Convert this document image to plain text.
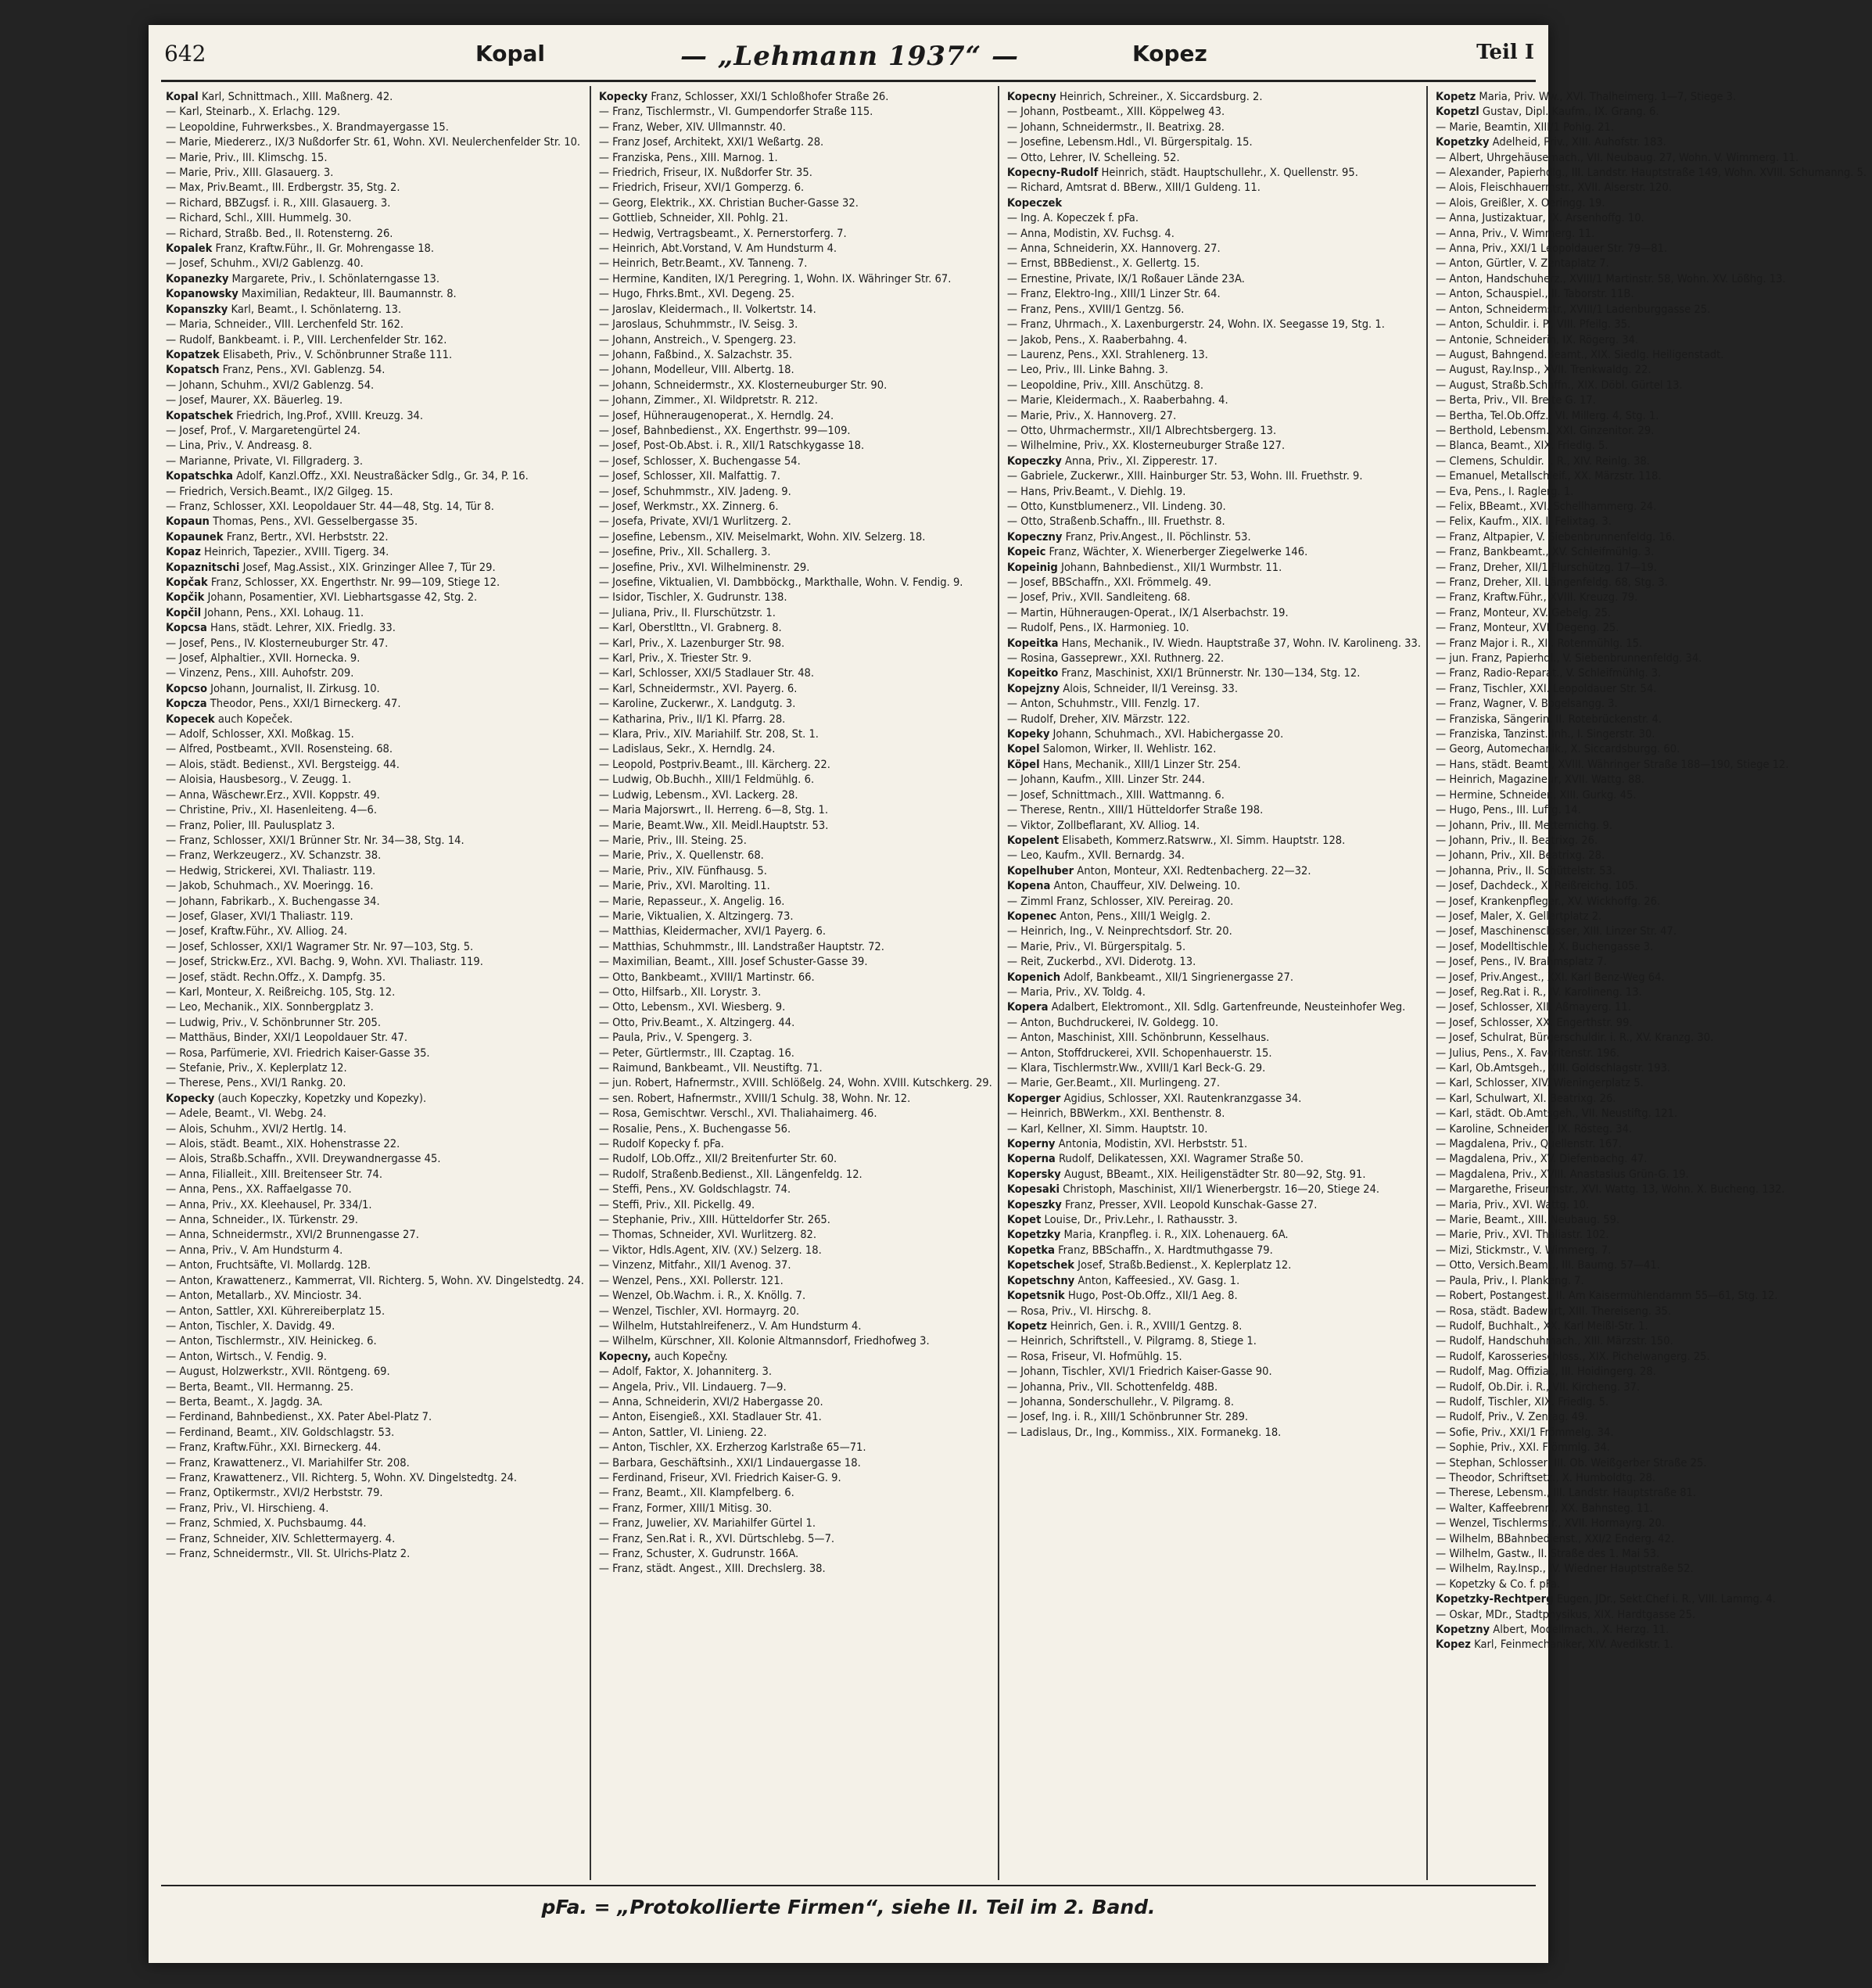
642	Kopal	— „Lehmann 1937“ —	Kopez	Teil I
Kopal Karl, Schnittmach., XIII. Maßnerg. 42.
— Karl, Steinarb., X. Erlachg. 129.
— Leopoldine, Fuhrwerksbes., X. Brandmayergasse 15.
— Marie, Miedererz., IX/3 Nußdorfer Str. 61, Wohn. XVI. Neulerchenfelder Str. 10.
— Marie, Priv., III. Klimschg. 15.
— Marie, Priv., XIII. Glasauerg. 3.
— Max, Priv.Beamt., III. Erdbergstr. 35, Stg. 2.
— Richard, BBZugsf. i. R., XIII. Glasauerg. 3.
— Richard, Schl., XIII. Hummelg. 30.
— Richard, Straßb. Bed., II. Rotensterng. 26.
Kopalek Franz, Kraftw.Führ., II. Gr. Mohrengasse 18.
— Josef, Schuhm., XVI/2 Gablenzg. 40.
Kopanezky Margarete, Priv., I. Schönlaterngasse 13.
Kopanowsky Maximilian, Redakteur, III. Baumannstr. 8.
Kopanszky Karl, Beamt., I. Schönlaterng. 13.
— Maria, Schneider., VIII. Lerchenfeld Str. 162.
— Rudolf, Bankbeamt. i. P., VIII. Lerchenfelder Str. 162.
Kopatzek Elisabeth, Priv., V. Schönbrunner Straße 111.
Kopatsch Franz, Pens., XVI. Gablenzg. 54.
— Johann, Schuhm., XVI/2 Gablenzg. 54.
— Josef, Maurer, XX. Bäuerleg. 19.
Kopatschek Friedrich, Ing.Prof., XVIII. Kreuzg. 34.
— Josef, Prof., V. Margaretengürtel 24.
— Lina, Priv., V. Andreasg. 8.
— Marianne, Private, VI. Fillgraderg. 3.
Kopatschka Adolf, Kanzl.Offz., XXI. Neustraßäcker Sdlg., Gr. 34, P. 16.
— Friedrich, Versich.Beamt., IX/2 Gilgeg. 15.
— Franz, Schlosser, XXI. Leopoldauer Str. 44—48, Stg. 14, Tür 8.
Kopaun Thomas, Pens., XVI. Gesselbergasse 35.
Kopaunek Franz, Bertr., XVI. Herbststr. 22.
Kopaz Heinrich, Tapezier., XVIII. Tigerg. 34.
Kopaznitschi Josef, Mag.Assist., XIX. Grinzinger Allee 7, Tür 29.
Kopčak Franz, Schlosser, XX. Engerthstr. Nr. 99—109, Stiege 12.
Kopčik Johann, Posamentier, XVI. Liebhartsgasse 42, Stg. 2.
Kopčil Johann, Pens., XXI. Lohaug. 11.
Kopcsa Hans, städt. Lehrer, XIX. Friedlg. 33.
— Josef, Pens., IV. Klosterneuburger Str. 47.
— Josef, Alphaltier., XVII. Hornecka. 9.
— Vinzenz, Pens., XIII. Auhofstr. 209.
Kopcso Johann, Journalist, II. Zirkusg. 10.
Kopcza Theodor, Pens., XXI/1 Birneckerg. 47.
Kopecek auch Kopeček.
— Adolf, Schlosser, XXI. Moßkag. 15.
— Alfred, Postbeamt., XVII. Rosensteing. 68.
— Alois, städt. Bedienst., XVI. Bergsteigg. 44.
— Aloisia, Hausbesorg., V. Zeugg. 1.
— Anna, Wäschewr.Erz., XVII. Koppstr. 49.
— Christine, Priv., XI. Hasenleiteng. 4—6.
— Franz, Polier, III. Paulusplatz 3.
— Franz, Schlosser, XXI/1 Brünner Str. Nr. 34—38, Stg. 14.
— Franz, Werkzeugerz., XV. Schanzstr. 38.
— Hedwig, Strickerei, XVI. Thaliastr. 119.
— Jakob, Schuhmach., XV. Moeringg. 16.
— Johann, Fabrikarb., X. Buchengasse 34.
— Josef, Glaser, XVI/1 Thaliastr. 119.
— Josef, Kraftw.Führ., XV. Alliog. 24.
— Josef, Schlosser, XXI/1 Wagramer Str. Nr. 97—103, Stg. 5.
— Josef, Strickw.Erz., XVI. Bachg. 9, Wohn. XVI. Thaliastr. 119.
— Josef, städt. Rechn.Offz., X. Dampfg. 35.
— Karl, Monteur, X. Reißreichg. 105, Stg. 12.
— Leo, Mechanik., XIX. Sonnbergplatz 3.
— Ludwig, Priv., V. Schönbrunner Str. 205.
— Matthäus, Binder, XXI/1 Leopoldauer Str. 47.
— Rosa, Parfümerie, XVI. Friedrich Kaiser-Gasse 35.
— Stefanie, Priv., X. Keplerplatz 12.
— Therese, Pens., XVI/1 Rankg. 20.
Kopecky (auch Kopeczky, Kopetzky und Kopezky).
— Adele, Beamt., VI. Webg. 24.
— Alois, Schuhm., XVI/2 Hertlg. 14.
— Alois, städt. Beamt., XIX. Hohenstrasse 22.
— Alois, Straßb.Schaffn., XVII. Dreywandnergasse 45.
— Anna, Filialleit., XIII. Breitenseer Str. 74.
— Anna, Pens., XX. Raffaelgasse 70.
— Anna, Priv., XX. Kleehausel, Pr. 334/1.
— Anna, Schneider., IX. Türkenstr. 29.
— Anna, Schneidermstr., XVI/2 Brunnengasse 27.
— Anna, Priv., V. Am Hundsturm 4.
— Anton, Fruchtsäfte, VI. Mollardg. 12B.
— Anton, Krawattenerz., Kammerrat, VII. Richterg. 5, Wohn. XV. Dingelstedtg. 24.
— Anton, Metallarb., XV. Minciostr. 34.
— Anton, Sattler, XXI. Kührereiberplatz 15.
— Anton, Tischler, X. Davidg. 49.
— Anton, Tischlermstr., XIV. Heinickeg. 6.
— Anton, Wirtsch., V. Fendig. 9.
— August, Holzwerkstr., XVII. Röntgeng. 69.
— Berta, Beamt., VII. Hermanng. 25.
— Berta, Beamt., X. Jagdg. 3A.
— Ferdinand, Bahnbedienst., XX. Pater Abel-Platz 7.
— Ferdinand, Beamt., XIV. Goldschlagstr. 53.
— Franz, Kraftw.Führ., XXI. Birneckerg. 44.
— Franz, Krawattenerz., VI. Mariahilfer Str. 208.
— Franz, Krawattenerz., VII. Richterg. 5, Wohn. XV. Dingelstedtg. 24.
— Franz, Optikermstr., XVI/2 Herbststr. 79.
— Franz, Priv., VI. Hirschieng. 4.
— Franz, Schmied, X. Puchsbaumg. 44.
— Franz, Schneider, XIV. Schlettermayerg. 4.
— Franz, Schneidermstr., VII. St. Ulrichs-Platz 2.
Kopecky Franz, Schlosser, XXI/1 Schloßhofer Straße 26.
— Franz, Tischlermstr., VI. Gumpendorfer Straße 115.
— Franz, Weber, XIV. Ullmannstr. 40.
— Franz Josef, Architekt, XXI/1 Weßartg. 28.
— Franziska, Pens., XIII. Marnog. 1.
— Friedrich, Friseur, IX. Nußdorfer Str. 35.
— Friedrich, Friseur, XVI/1 Gomperzg. 6.
— Georg, Elektrik., XX. Christian Bucher-Gasse 32.
— Gottlieb, Schneider, XII. Pohlg. 21.
— Hedwig, Vertragsbeamt., X. Pernerstorferg. 7.
— Heinrich, Abt.Vorstand, V. Am Hundsturm 4.
— Heinrich, Betr.Beamt., XV. Tanneng. 7.
— Hermine, Kanditen, IX/1 Peregring. 1, Wohn. IX. Währinger Str. 67.
— Hugo, Fhrks.Bmt., XVI. Degeng. 25.
— Jaroslav, Kleidermach., II. Volkertstr. 14.
— Jaroslaus, Schuhmmstr., IV. Seisg. 3.
— Johann, Anstreich., V. Spengerg. 23.
— Johann, Faßbind., X. Salzachstr. 35.
— Johann, Modelleur, VIII. Albertg. 18.
— Johann, Schneidermstr., XX. Klosterneuburger Str. 90.
— Johann, Zimmer., XI. Wildpretstr. R. 212.
— Josef, Hühneraugenoperat., X. Herndlg. 24.
— Josef, Bahnbedienst., XX. Engerthstr. 99—109.
— Josef, Post-Ob.Abst. i. R., XII/1 Ratschkygasse 18.
— Josef, Schlosser, X. Buchengasse 54.
— Josef, Schlosser, XII. Malfattig. 7.
— Josef, Schuhmmstr., XIV. Jadeng. 9.
— Josef, Werkmstr., XX. Zinnerg. 6.
— Josefa, Private, XVI/1 Wurlitzerg. 2.
— Josefine, Lebensm., XIV. Meiselmarkt, Wohn. XIV. Selzerg. 18.
— Josefine, Priv., XII. Schallerg. 3.
— Josefine, Priv., XVI. Wilhelminenstr. 29.
— Josefine, Viktualien, VI. Dambböckg., Markthalle, Wohn. V. Fendig. 9.
— Isidor, Tischler, X. Gudrunstr. 138.
— Juliana, Priv., II. Flurschützstr. 1.
— Karl, Oberstlttn., VI. Grabnerg. 8.
— Karl, Priv., X. Lazenburger Str. 98.
— Karl, Priv., X. Triester Str. 9.
— Karl, Schlosser, XXI/5 Stadlauer Str. 48.
— Karl, Schneidermstr., XVI. Payerg. 6.
— Karoline, Zuckerwr., X. Landgutg. 3.
— Katharina, Priv., II/1 Kl. Pfarrg. 28.
— Klara, Priv., XIV. Mariahilf. Str. 208, St. 1.
— Ladislaus, Sekr., X. Herndlg. 24.
— Leopold, Postpriv.Beamt., III. Kärcherg. 22.
— Ludwig, Ob.Buchh., XIII/1 Feldmühlg. 6.
— Ludwig, Lebensm., XVI. Lackerg. 28.
— Maria Majorswrt., II. Herreng. 6—8, Stg. 1.
— Marie, Beamt.Ww., XII. Meidl.Hauptstr. 53.
— Marie, Priv., III. Steing. 25.
— Marie, Priv., X. Quellenstr. 68.
— Marie, Priv., XIV. Fünfhausg. 5.
— Marie, Priv., XVI. Marolting. 11.
— Marie, Repasseur., X. Angelig. 16.
— Marie, Viktualien, X. Altzingerg. 73.
— Matthias, Kleidermacher, XVI/1 Payerg. 6.
— Matthias, Schuhmmstr., III. Landstraßer Hauptstr. 72.
— Maximilian, Beamt., XIII. Josef Schuster-Gasse 39.
— Otto, Bankbeamt., XVIII/1 Martinstr. 66.
— Otto, Hilfsarb., XII. Lorystr. 3.
— Otto, Lebensm., XVI. Wiesberg. 9.
— Otto, Priv.Beamt., X. Altzingerg. 44.
— Paula, Priv., V. Spengerg. 3.
— Peter, Gürtlermstr., III. Czaptag. 16.
— Raimund, Bankbeamt., VII. Neustiftg. 71.
— jun. Robert, Hafnermstr., XVIII. Schlößelg. 24, Wohn. XVIII. Kutschkerg. 29.
— sen. Robert, Hafnermstr., XVIII/1 Schulg. 38, Wohn. Nr. 12.
— Rosa, Gemischtwr. Verschl., XVI. Thaliahaimerg. 46.
— Rosalie, Pens., X. Buchengasse 56.
— Rudolf Kopecky f. pFa.
— Rudolf, LOb.Offz., XII/2 Breitenfurter Str. 60.
— Rudolf, Straßenb.Bedienst., XII. Längenfeldg. 12.
— Steffi, Pens., XV. Goldschlagstr. 74.
— Steffi, Priv., XII. Pickellg. 49.
— Stephanie, Priv., XIII. Hütteldorfer Str. 265.
— Thomas, Schneider, XVI. Wurlitzerg. 82.
— Viktor, Hdls.Agent, XIV. (XV.) Selzerg. 18.
— Vinzenz, Mitfahr., XII/1 Avenog. 37.
— Wenzel, Pens., XXI. Pollerstr. 121.
— Wenzel, Ob.Wachm. i. R., X. Knöllg. 7.
— Wenzel, Tischler, XVI. Hormayrg. 20.
— Wilhelm, Hutstahlreifenerz., V. Am Hundsturm 4.
— Wilhelm, Kürschner, XII. Kolonie Altmannsdorf, Friedhofweg 3.
Kopecny, auch Kopečny.
— Adolf, Faktor, X. Johanniterg. 3.
— Angela, Priv., VII. Lindauerg. 7—9.
— Anna, Schneiderin, XVI/2 Habergasse 20.
— Anton, Eisengieß., XXI. Stadlauer Str. 41.
— Anton, Sattler, VI. Linieng. 22.
— Anton, Tischler, XX. Erzherzog Karlstraße 65—71.
— Barbara, Geschäftsinh., XXI/1 Lindauergasse 18.
— Ferdinand, Friseur, XVI. Friedrich Kaiser-G. 9.
— Franz, Beamt., XII. Klampfelberg. 6.
— Franz, Former, XIII/1 Mitisg. 30.
— Franz, Juwelier, XV. Mariahilfer Gürtel 1.
— Franz, Sen.Rat i. R., XVI. Dürtschlebg. 5—7.
— Franz, Schuster, X. Gudrunstr. 166A.
— Franz, städt. Angest., XIII. Drechslerg. 38.
Kopecny Heinrich, Schreiner., X. Siccardsburg. 2.
— Johann, Postbeamt., XIII. Köppelweg 43.
— Johann, Schneidermstr., II. Beatrixg. 28.
— Josefine, Lebensm.Hdl., VI. Bürgerspitalg. 15.
— Otto, Lehrer, IV. Schelleing. 52.
Kopecny-Rudolf Heinrich, städt. Hauptschullehr., X. Quellenstr. 95.
— Richard, Amtsrat d. BBerw., XIII/1 Guldeng. 11.
Kopeczek
— Ing. A. Kopeczek f. pFa.
— Anna, Modistin, XV. Fuchsg. 4.
— Anna, Schneiderin, XX. Hannoverg. 27.
— Ernst, BBBedienst., X. Gellertg. 15.
— Ernestine, Private, IX/1 Roßauer Lände 23A.
— Franz, Elektro-Ing., XIII/1 Linzer Str. 64.
— Franz, Pens., XVIII/1 Gentzg. 56.
— Franz, Uhrmach., X. Laxenburgerstr. 24, Wohn. IX. Seegasse 19, Stg. 1.
— Jakob, Pens., X. Raaberbahng. 4.
— Laurenz, Pens., XXI. Strahlenerg. 13.
— Leo, Priv., III. Linke Bahng. 3.
— Leopoldine, Priv., XIII. Anschützg. 8.
— Marie, Kleidermach., X. Raaberbahng. 4.
— Marie, Priv., X. Hannoverg. 27.
— Otto, Uhrmachermstr., XII/1 Albrechtsbergerg. 13.
— Wilhelmine, Priv., XX. Klosterneuburger Straße 127.
Kopeczky Anna, Priv., XI. Zipperestr. 17.
— Gabriele, Zuckerwr., XIII. Hainburger Str. 53, Wohn. III. Fruethstr. 9.
— Hans, Priv.Beamt., V. Diehlg. 19.
— Otto, Kunstblumenerz., VII. Lindeng. 30.
— Otto, Straßenb.Schaffn., III. Fruethstr. 8.
Kopeczny Franz, Priv.Angest., II. Pöchlinstr. 53.
Kopeic Franz, Wächter, X. Wienerberger Ziegelwerke 146.
Kopeinig Johann, Bahnbedienst., XII/1 Wurmbstr. 11.
— Josef, BBSchaffn., XXI. Frömmelg. 49.
— Josef, Priv., XVII. Sandleiteng. 68.
— Martin, Hühneraugen-Operat., IX/1 Alserbachstr. 19.
— Rudolf, Pens., IX. Harmonieg. 10.
Kopeitka Hans, Mechanik., IV. Wiedn. Hauptstraße 37, Wohn. IV. Karolineng. 33.
— Rosina, Gasseprewr., XXI. Ruthnerg. 22.
Kopeitko Franz, Maschinist, XXI/1 Brünnerstr. Nr. 130—134, Stg. 12.
Kopejzny Alois, Schneider, II/1 Vereinsg. 33.
— Anton, Schuhmstr., VIII. Fenzlg. 17.
— Rudolf, Dreher, XIV. Märzstr. 122.
Kopeky Johann, Schuhmach., XVI. Habichergasse 20.
Kopel Salomon, Wirker, II. Wehlistr. 162.
Köpel Hans, Mechanik., XIII/1 Linzer Str. 254.
— Johann, Kaufm., XIII. Linzer Str. 244.
— Josef, Schnittmach., XIII. Wattmanng. 6.
— Therese, Rentn., XIII/1 Hütteldorfer Straße 198.
— Viktor, Zollbeflarant, XV. Alliog. 14.
Kopelent Elisabeth, Kommerz.Ratswrw., XI. Simm. Hauptstr. 128.
— Leo, Kaufm., XVII. Bernardg. 34.
Kopelhuber Anton, Monteur, XXI. Redtenbacherg. 22—32.
Kopena Anton, Chauffeur, XIV. Delweing. 10.
— Zimml Franz, Schlosser, XIV. Pereirag. 20.
Kopenec Anton, Pens., XIII/1 Weiglg. 2.
— Heinrich, Ing., V. Neinprechtsdorf. Str. 20.
— Marie, Priv., VI. Bürgerspitalg. 5.
— Reit, Zuckerbd., XVI. Diderotg. 13.
Kopenich Adolf, Bankbeamt., XII/1 Singrienergasse 27.
— Maria, Priv., XV. Toldg. 4.
Kopera Adalbert, Elektromont., XII. Sdlg. Gartenfreunde, Neusteinhofer Weg.
— Anton, Buchdruckerei, IV. Goldegg. 10.
— Anton, Maschinist, XIII. Schönbrunn, Kesselhaus.
— Anton, Stoffdruckerei, XVII. Schopenhauerstr. 15.
— Klara, Tischlermstr.Ww., XVIII/1 Karl Beck-G. 29.
— Marie, Ger.Beamt., XII. Murlingeng. 27.
Koperger Agidius, Schlosser, XXI. Rautenkranzgasse 34.
— Heinrich, BBWerkm., XXI. Benthenstr. 8.
— Karl, Kellner, XI. Simm. Hauptstr. 10.
Koperny Antonia, Modistin, XVI. Herbststr. 51.
Koperna Rudolf, Delikatessen, XXI. Wagramer Straße 50.
Kopersky August, BBeamt., XIX. Heiligenstädter Str. 80—92, Stg. 91.
Kopesaki Christoph, Maschinist, XII/1 Wienerbergstr. 16—20, Stiege 24.
Kopeszky Franz, Presser, XVII. Leopold Kunschak-Gasse 27.
Kopet Louise, Dr., Priv.Lehr., I. Rathausstr. 3.
Kopetzky Maria, Kranpfleg. i. R., XIX. Lohenauerg. 6A.
Kopetka Franz, BBSchaffn., X. Hardtmuthgasse 79.
Kopetschek Josef, Straßb.Bedienst., X. Keplerplatz 12.
Kopetschny Anton, Kaffeesied., XV. Gasg. 1.
Kopetsnik Hugo, Post-Ob.Offz., XII/1 Aeg. 8.
— Rosa, Priv., VI. Hirschg. 8.
Kopetz Heinrich, Gen. i. R., XVIII/1 Gentzg. 8.
— Heinrich, Schriftstell., V. Pilgramg. 8, Stiege 1.
— Rosa, Friseur, VI. Hofmühlg. 15.
— Johann, Tischler, XVI/1 Friedrich Kaiser-Gasse 90.
— Johanna, Priv., VII. Schottenfeldg. 48B.
— Johanna, Sonderschullehr., V. Pilgramg. 8.
— Josef, Ing. i. R., XIII/1 Schönbrunner Str. 289.
— Ladislaus, Dr., Ing., Kommiss., XIX. Formanekg. 18.
Kopetz Maria, Priv. Ww., XVI. Thalheimerg. 1—7, Stiege 3.
Kopetzl Gustav, Dipl. Kaufm., IX. Grang. 6.
— Marie, Beamtin, XIII/1 Pohlg. 21.
Kopetzky Adelheid, Priv., XIII. Auhofstr. 183.
— Albert, Uhrgehäusemach., VII. Neubaug. 27, Wohn. V. Wimmerg. 11.
— Alexander, Papierhdlg., III. Landstr. Hauptstraße 149, Wohn. XVIII. Schumanng. 5.
— Alois, Fleischhauermstr., XVII. Alserstr. 120.
— Alois, Greißler, X. Oeringg. 19.
— Anna, Justizaktuar, IX. Arsenhoffg. 10.
— Anna, Priv., V. Wimmerg. 11.
— Anna, Priv., XXI/1 Leopoldauer Str. 79—81.
— Anton, Gürtler, V. Zentaplatz 7.
— Anton, Handschuherz., XVIII/1 Martinstr. 58, Wohn. XV. Lößhg. 13.
— Anton, Schauspiel., II. Taborstr. 11B.
— Anton, Schneidermstr., XVIII/1 Ladenburggasse 25.
— Anton, Schuldir. i. P., VIII. Pfeilg. 35.
— Antonie, Schneiderin, IX. Rögerg. 34.
— August, Bahngend.Beamt., XIX. Siedlg. Heiligenstadt.
— August, Ray.Insp., XVII. Trenkwaldg. 22.
— August, Straßb.Schaffn., XIX. Döbl. Gürtel 13.
— Berta, Priv., VII. Breite G. 17.
— Bertha, Tel.Ob.Offz., VI. Millerg. 4, Stg. 1.
— Berthold, Lebensm., XXI. Ginzenitor. 29.
— Blanca, Beamt., XIX. Friedlg. 5.
— Clemens, Schuldir. i. R., XIV. Reinlg. 38.
— Emanuel, Metallschleif., XX. Märzstr. 118.
— Eva, Pens., I. Raglerg. 1.
— Felix, BBeamt., XVI. Schellhammerg. 24.
— Felix, Kaufm., XIX. I. Felixtag. 3.
— Franz, Altpapier, V. Siebenbrunnenfeldg. 16.
— Franz, Bankbeamt., XV. Schleifmühlg. 3.
— Franz, Dreher, XII/1 Flurschützg. 17—19.
— Franz, Dreher, XII. Längenfeldg. 68, Stg. 3.
— Franz, Kraftw.Führ., XVIII. Kreuzg. 79.
— Franz, Monteur, XV. Gebelg. 25.
— Franz, Monteur, XVI. Degeng. 25.
— Franz Major i. R., XII. Rotenmühlg. 15.
— jun. Franz, Papierhdl., V. Siebenbrunnenfeldg. 34.
— Franz, Radio-Reparat., V. Schleifmühlg. 3.
— Franz, Tischler, XXI. Leopoldauer Str. 54.
— Franz, Wagner, V. Bogelsangg. 3.
— Franziska, Sängerin, II. Rotebrückenstr. 4.
— Franziska, Tanzinst. Inh., I. Singerstr. 30.
— Georg, Automechanik., X. Siccardsburgg. 60.
— Hans, städt. Beamt., XVIII. Währinger Straße 188—190, Stiege 12.
— Heinrich, Magazineur, XVII. Wattg. 88.
— Hermine, Schneider., XIII. Gurkg. 45.
— Hugo, Pens., III. Luftg. 14.
— Johann, Priv., III. Metternichg. 9.
— Johann, Priv., II. Beatrixg. 26.
— Johann, Priv., XII. Beatrixg. 28.
— Johanna, Priv., II. Schüttelstr. 53.
— Josef, Dachdeck., X. Reißreichg. 105.
— Josef, Krankenpfleger., XV. Wickhoffg. 26.
— Josef, Maler, X. Gellertplatz 2.
— Josef, Maschinensclosser, XIII. Linzer Str. 47.
— Josef, Modelltischler, X. Buchengasse 3.
— Josef, Pens., IV. Brahmsplatz 7.
— Josef, Priv.Angest., XXI. Karl Benz-Weg 64.
— Josef, Reg.Rat i. R., IV. Karolineng. 13.
— Josef, Schlosser, XII. Aßmayerg. 11.
— Josef, Schlosser, XX. Engerthstr. 99.
— Josef, Schulrat, Bürgerschuldir. i. R., XV. Kranzg. 30.
— Julius, Pens., X. Favoritenstr. 196.
— Karl, Ob.Amtsgeh., XIII. Goldschlagstr. 193.
— Karl, Schlosser, XIV. Wieningerplatz 5.
— Karl, Schulwart, XI. Beatrixg. 26.
— Karl, städt. Ob.Amtsgeh., VII. Neustiftg. 121.
— Karoline, Schneider., IX. Rösteg. 34.
— Magdalena, Priv., Quellenstr. 167.
— Magdalena, Priv., XV. Diefenbachg. 47.
— Magdalena, Priv., XVIII. Anastasius Grün-G. 19.
— Margarethe, Friseurmstr., XVI. Wattg. 13, Wohn. X. Bucheng. 132.
— Maria, Priv., XVI. Wattg. 10.
— Marie, Beamt., XIII. Neubaug. 59.
— Marie, Priv., XVI. Thaliastr. 102.
— Mizi, Stickmstr., V. Wimmerg. 7.
— Otto, Versich.Beamt., III. Baumg. 57—41.
— Paula, Priv., I. Plankeng. 7.
— Robert, Postangest., II. Am Kaisermühlendamm 55—61, Stg. 12.
— Rosa, städt. Badewart, XIII. Thereiseng. 35.
— Rudolf, Buchhalt., XX. Karl Meißl-Str. 1.
— Rudolf, Handschuhmach., XIII. Märzstr. 150.
— Rudolf, Karosserieschloss., XIX. Pichelwangerg. 25.
— Rudolf, Mag. Offizial., III. Hoidingerg. 28.
— Rudolf, Ob.Dir. i. R., VII. Kircheng. 37.
— Rudolf, Tischler, XIX. Friedlg. 5.
— Rudolf, Priv., V. Zentag. 49.
— Sofie, Priv., XXI/1 Frömmelg. 34.
— Sophie, Priv., XXI. Frömmlg. 34.
— Stephan, Schlosser, III. Ob. Weißgerber Straße 25.
— Theodor, Schriftsetz., X. Humboldtg. 28.
— Therese, Lebensm., III. Landstr. Hauptstraße 81.
— Walter, Kaffeebrenn., XX. Bahnsteg. 11.
— Wenzel, Tischlermstr., XVII. Hormayrg. 20.
— Wilhelm, BBahnbedienst., XXI/2 Enderg. 42.
— Wilhelm, Gastw., II. Straße des 1. Mai 53.
— Wilhelm, Ray.Insp., IV. Wiedner Hauptstraße 52.
— Kopetzky & Co. f. pFa.
Kopetzky-Rechtperg Eugen, JDr., Sekt.Chef i. R., VIII. Lammg. 4.
— Oskar, MDr., Stadtphysikus, XIX. Hardtgasse 25.
Kopetzny Albert, Modellmach., X. Herzg. 11.
Kopez Karl, Feinmechaniker, XIV. Avedikstr. 1.
pFa. = „Protokollierte Firmen“, siehe II. Teil im 2. Band.
